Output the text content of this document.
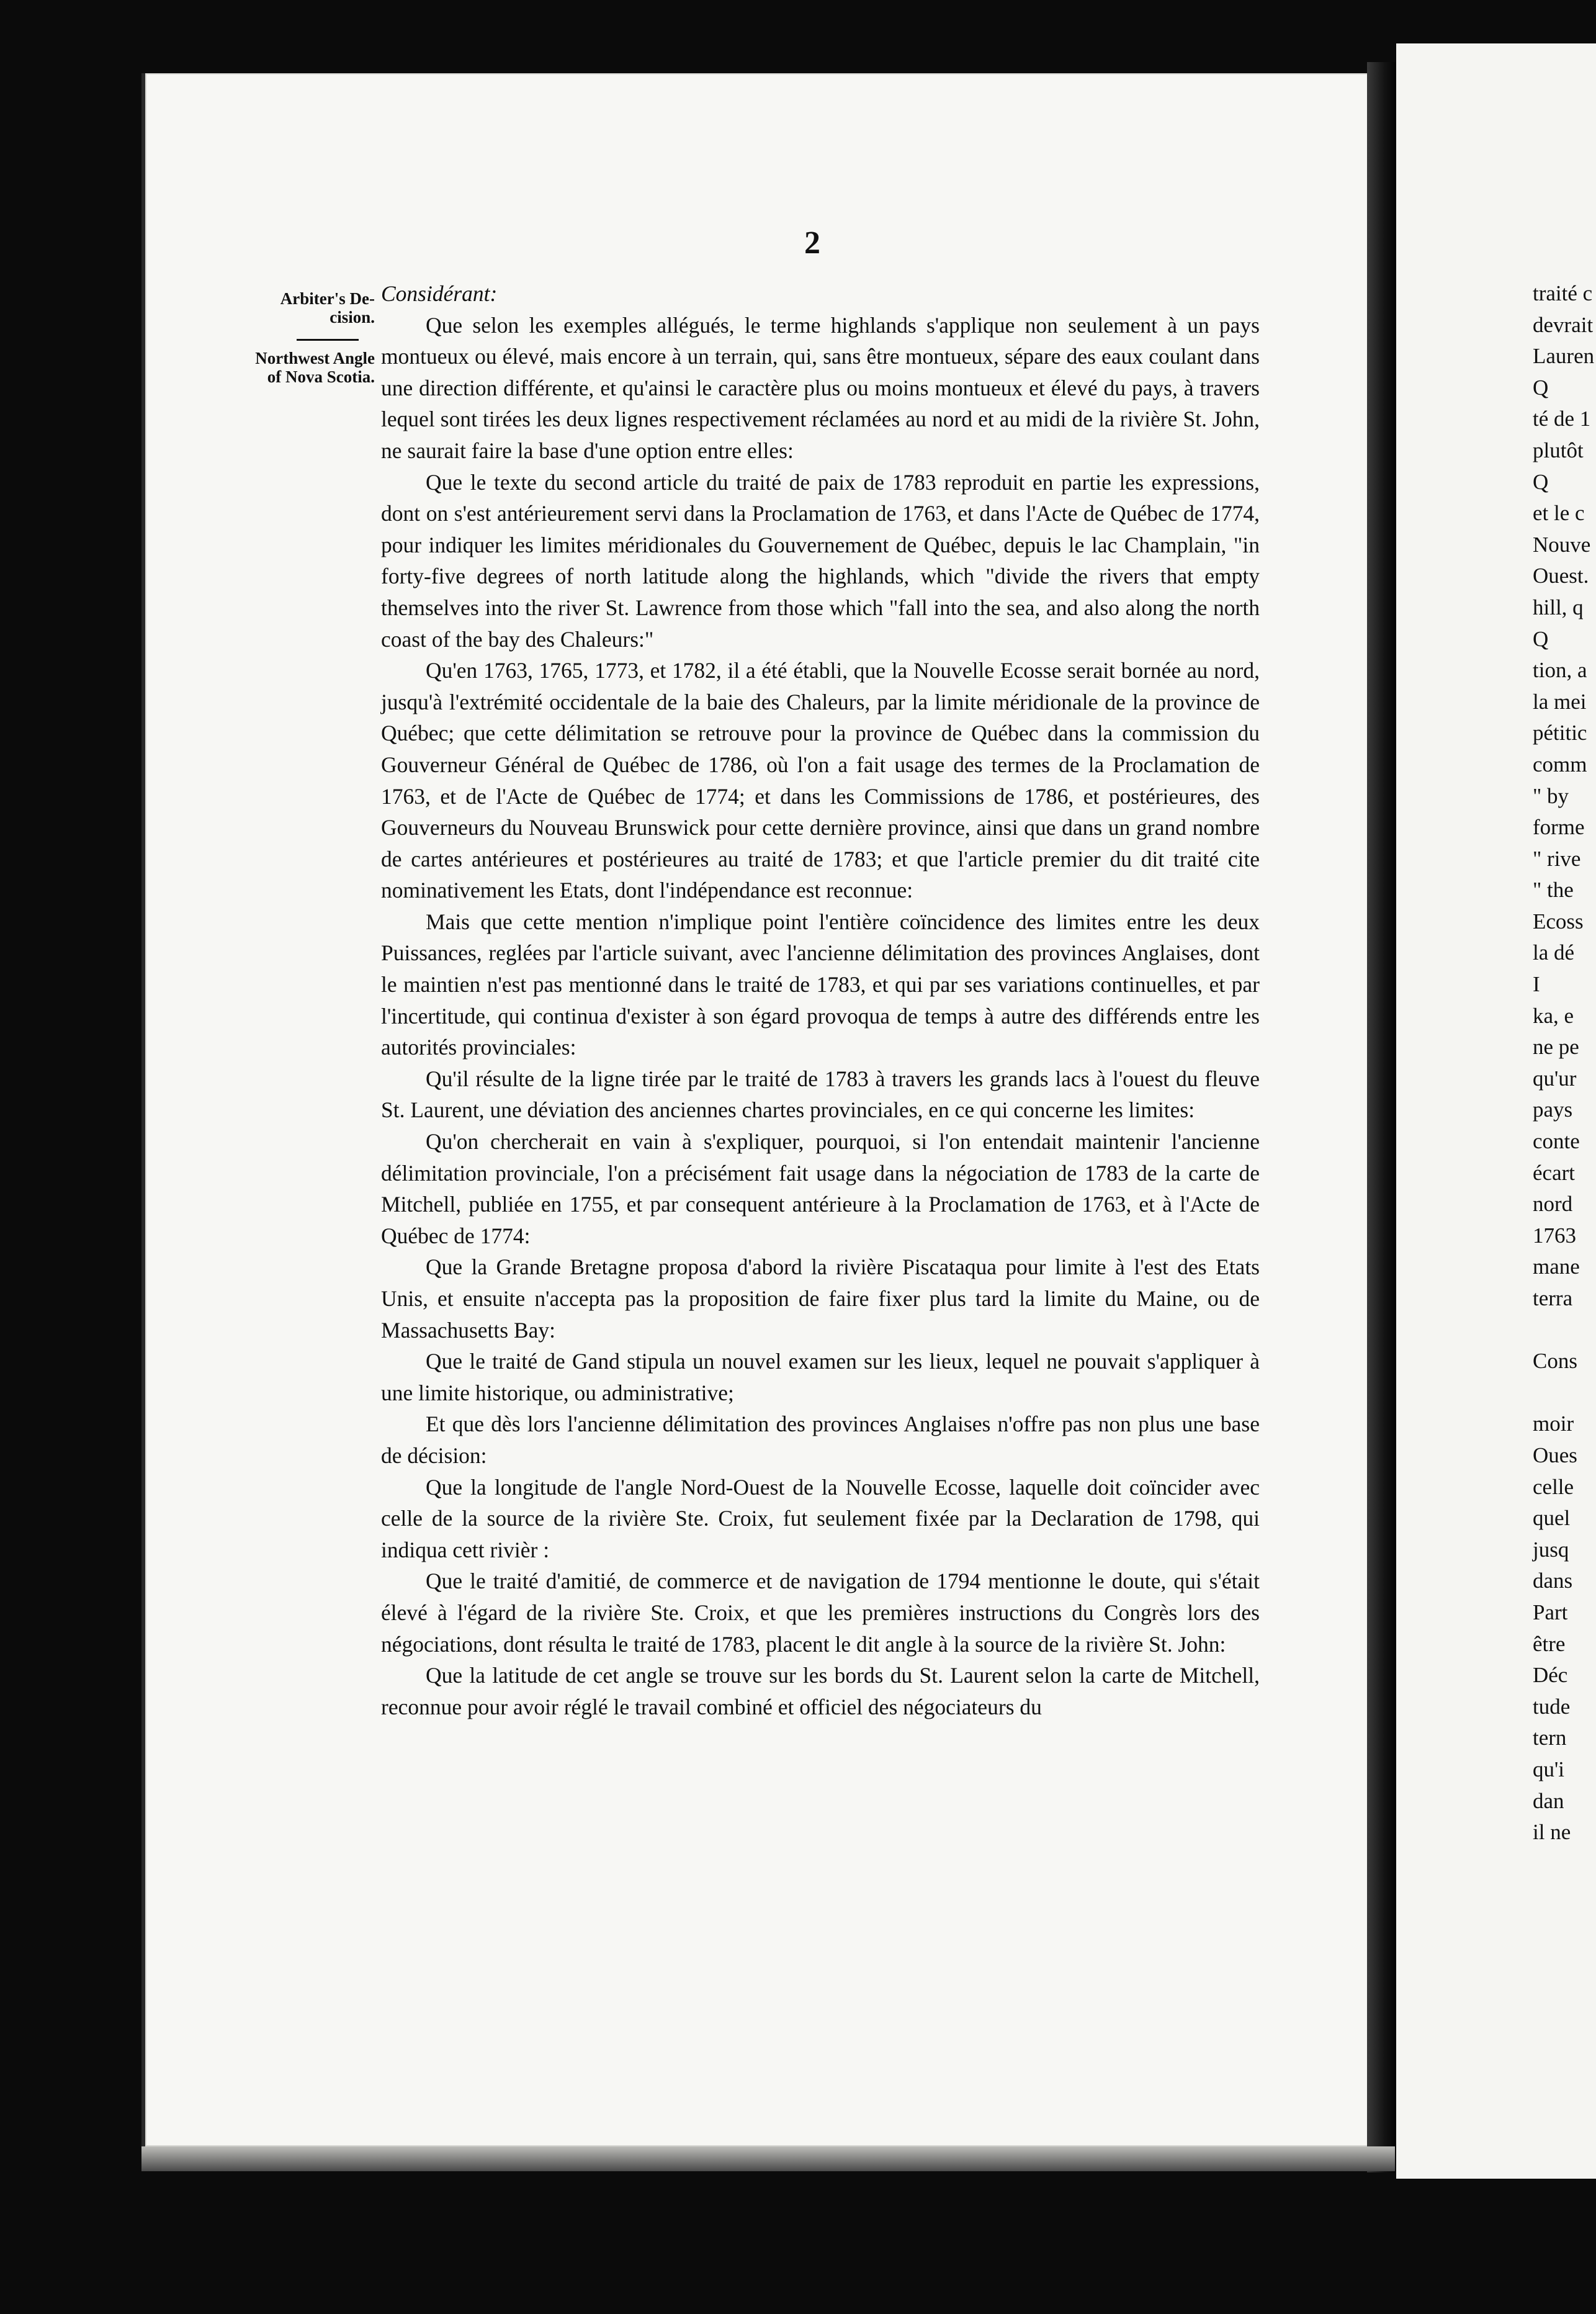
2
Arbiter's Decision.
Northwest Angle of Nova Scotia.

Considérant:

Que selon les exemples allégués, le terme highlands s'applique non seulement à un pays montueux ou élevé, mais encore à un terrain, qui, sans être montueux, sépare des eaux coulant dans une direction différente, et qu'ainsi le caractère plus ou moins montueux et élevé du pays, à travers lequel sont tirées les deux lignes respectivement réclamées au nord et au midi de la rivière St. John, ne saurait faire la base d'une option entre elles:

Que le texte du second article du traité de paix de 1783 reproduit en partie les expressions, dont on s'est antérieurement servi dans la Proclamation de 1763, et dans l'Acte de Québec de 1774, pour indiquer les limites méridionales du Gouvernement de Québec, depuis le lac Champlain, "in forty-five degrees of north latitude along the highlands, which "divide the rivers that empty themselves into the river St. Lawrence from those which "fall into the sea, and also along the north coast of the bay des Chaleurs:"

Qu'en 1763, 1765, 1773, et 1782, il a été établi, que la Nouvelle Ecosse serait bornée au nord, jusqu'à l'extrémité occidentale de la baie des Chaleurs, par la limite méridionale de la province de Québec; que cette délimitation se retrouve pour la province de Québec dans la commission du Gouverneur Général de Québec de 1786, où l'on a fait usage des termes de la Proclamation de 1763, et de l'Acte de Québec de 1774; et dans les Commissions de 1786, et postérieures, des Gouverneurs du Nouveau Brunswick pour cette dernière province, ainsi que dans un grand nombre de cartes antérieures et postérieures au traité de 1783; et que l'article premier du dit traité cite nominativement les Etats, dont l'indépendance est reconnue:

Mais que cette mention n'implique point l'entière coïncidence des limites entre les deux Puissances, reglées par l'article suivant, avec l'ancienne délimitation des provinces Anglaises, dont le maintien n'est pas mentionné dans le traité de 1783, et qui par ses variations continuelles, et par l'incertitude, qui continua d'exister à son égard provoqua de temps à autre des différends entre les autorités provinciales:

Qu'il résulte de la ligne tirée par le traité de 1783 à travers les grands lacs à l'ouest du fleuve St. Laurent, une déviation des anciennes chartes provinciales, en ce qui concerne les limites:

Qu'on chercherait en vain à s'expliquer, pourquoi, si l'on entendait maintenir l'ancienne délimitation provinciale, l'on a précisément fait usage dans la négociation de 1783 de la carte de Mitchell, publiée en 1755, et par consequent antérieure à la Proclamation de 1763, et à l'Acte de Québec de 1774:

Que la Grande Bretagne proposa d'abord la rivière Piscataqua pour limite à l'est des Etats Unis, et ensuite n'accepta pas la proposition de faire fixer plus tard la limite du Maine, ou de Massachusetts Bay:

Que le traité de Gand stipula un nouvel examen sur les lieux, lequel ne pouvait s'appliquer à une limite historique, ou administrative;

Et que dès lors l'ancienne délimitation des provinces Anglaises n'offre pas non plus une base de décision:

Que la longitude de l'angle Nord-Ouest de la Nouvelle Ecosse, laquelle doit coïncider avec celle de la source de la rivière Ste. Croix, fut seulement fixée par la Declaration de 1798, qui indiqua cett rivièr :

Que le traité d'amitié, de commerce et de navigation de 1794 mentionne le doute, qui s'était élevé à l'égard de la rivière Ste. Croix, et que les premières instructions du Congrès lors des négociations, dont résulta le traité de 1783, placent le dit angle à la source de la rivière St. John:

Que la latitude de cet angle se trouve sur les bords du St. Laurent selon la carte de Mitchell, reconnue pour avoir réglé le travail combiné et officiel des négociateurs du

traité c
devrait
Lauren
Q
té de 1
plutôt
Q
et le c
Nouve
Ouest.
hill, q
Q
tion, a
la mei
pétitic
comm
" by
forme
" rive
" the
Ecoss
la dé
I
ka, e
ne pe
qu'ur
pays
conte
écart
nord
1763
mane
terra
Cons
moir
Oues
celle
quel
jusq
dans
Part
être
Déc
tude
tern
qu'i
dan
il ne
